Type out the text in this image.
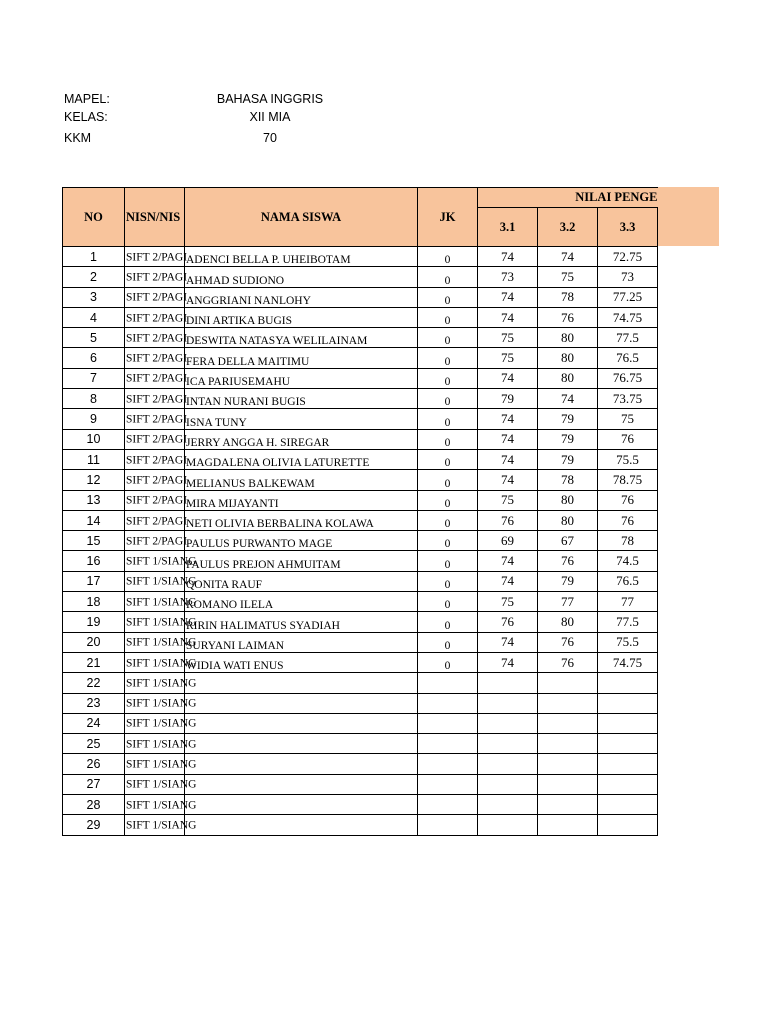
MAPEL:	BAHASA INGGRIS
KELAS:	XII MIA
KKM	70
NO	NISN/NIS	NAMA SISWA	JK	NILAI PENGE		
				3.1	3.2	3.3
1	SIFT 2/PAGI	ADENCI BELLA P. UHEIBOTAM	0	74	74	72.75
2	SIFT 2/PAGI	AHMAD SUDIONO	0	73	75	73
3	SIFT 2/PAGI	ANGGRIANI NANLOHY	0	74	78	77.25
4	SIFT 2/PAGI	DINI ARTIKA BUGIS	0	74	76	74.75
5	SIFT 2/PAGI	DESWITA NATASYA WELILAINAM	0	75	80	77.5
6	SIFT 2/PAGI	FERA DELLA MAITIMU	0	75	80	76.5
7	SIFT 2/PAGI	ICA PARIUSEMAHU	0	74	80	76.75
8	SIFT 2/PAGI	INTAN NURANI BUGIS	0	79	74	73.75
9	SIFT 2/PAGI	ISNA TUNY	0	74	79	75
10	SIFT 2/PAGI	JERRY ANGGA H. SIREGAR	0	74	79	76
11	SIFT 2/PAGI	MAGDALENA OLIVIA LATURETTE	0	74	79	75.5
12	SIFT 2/PAGI	MELIANUS BALKEWAM	0	74	78	78.75
13	SIFT 2/PAGI	MIRA MIJAYANTI	0	75	80	76
14	SIFT 2/PAGI	NETI OLIVIA BERBALINA KOLAWA	0	76	80	76
15	SIFT 2/PAGI	PAULUS PURWANTO MAGE	0	69	67	78
16	SIFT 1/SIANG	PAULUS PREJON AHMUITAM	0	74	76	74.5
17	SIFT 1/SIANG	QONITA RAUF	0	74	79	76.5
18	SIFT 1/SIANG	ROMANO ILELA	0	75	77	77
19	SIFT 1/SIANG	RIRIN HALIMATUS SYADIAH	0	76	80	77.5
20	SIFT 1/SIANG	SURYANI LAIMAN	0	74	76	75.5
21	SIFT 1/SIANG	WIDIA WATI ENUS	0	74	76	74.75
22	SIFT 1/SIANG					

23	SIFT 1/SIANG					

24	SIFT 1/SIANG					

25	SIFT 1/SIANG					

26	SIFT 1/SIANG					

27	SIFT 1/SIANG					

28	SIFT 1/SIANG					

29	SIFT 1/SIANG					
